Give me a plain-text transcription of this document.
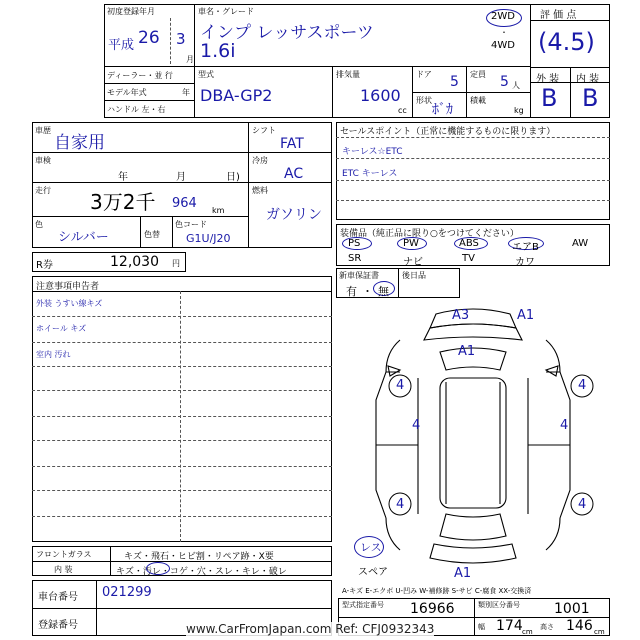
初度登録年月
平成 26 3
月
車名・グレード
インプ レッサスポーツ
1.6i
2WD
・
4WD
評 価 点
(4.5)
外 装 内 装
B B
ディーラー・並 行
モデル年式	年
ハンドル 左・右
型式
DBA-GP2
排気量
1600
cc
ドア 5 定員 5 人
形状
ﾎﾞｶ
積載
kg
車歴
自家用
車検
年	月	日)
走行 3万2千 964 km
色
シルバー	色替
色コード
G1U/J20
シフト
FAT
冷房
AC
燃料
ガソリン
R券	12,030 円
セールスポイント（正常に機能するものに限ります）
キーレス☆ETC
ETC キーレス
装備品（純正品に限り○をつけてください）
PS	PW	ABS	エアB	AW
SR	ナビ	TV	カワ
新車保証書	後日品
有 ・ 無
注意事項申告者
外装 うすい線キズ
ホイール キズ
室内 汚れ
A3	A1
A1
4	4
4	4
4	4
A1
レス
スペア
A-キズ E-エクボ U-凹み W-補修跡 S-サビ C-腐食 XX-交換済
フロントガラス	キズ・飛石・ヒビ割・リペア跡・X要
内 装	キズ・汚レ・コゲ・穴・スレ・キレ・破レ
車台番号 021299
登録番号
型式指定番号 16966	類別区分番号 1001
幅 174 cm
高さ 146 cm
www.CarFromJapan.com Ref: CFJ0932343
